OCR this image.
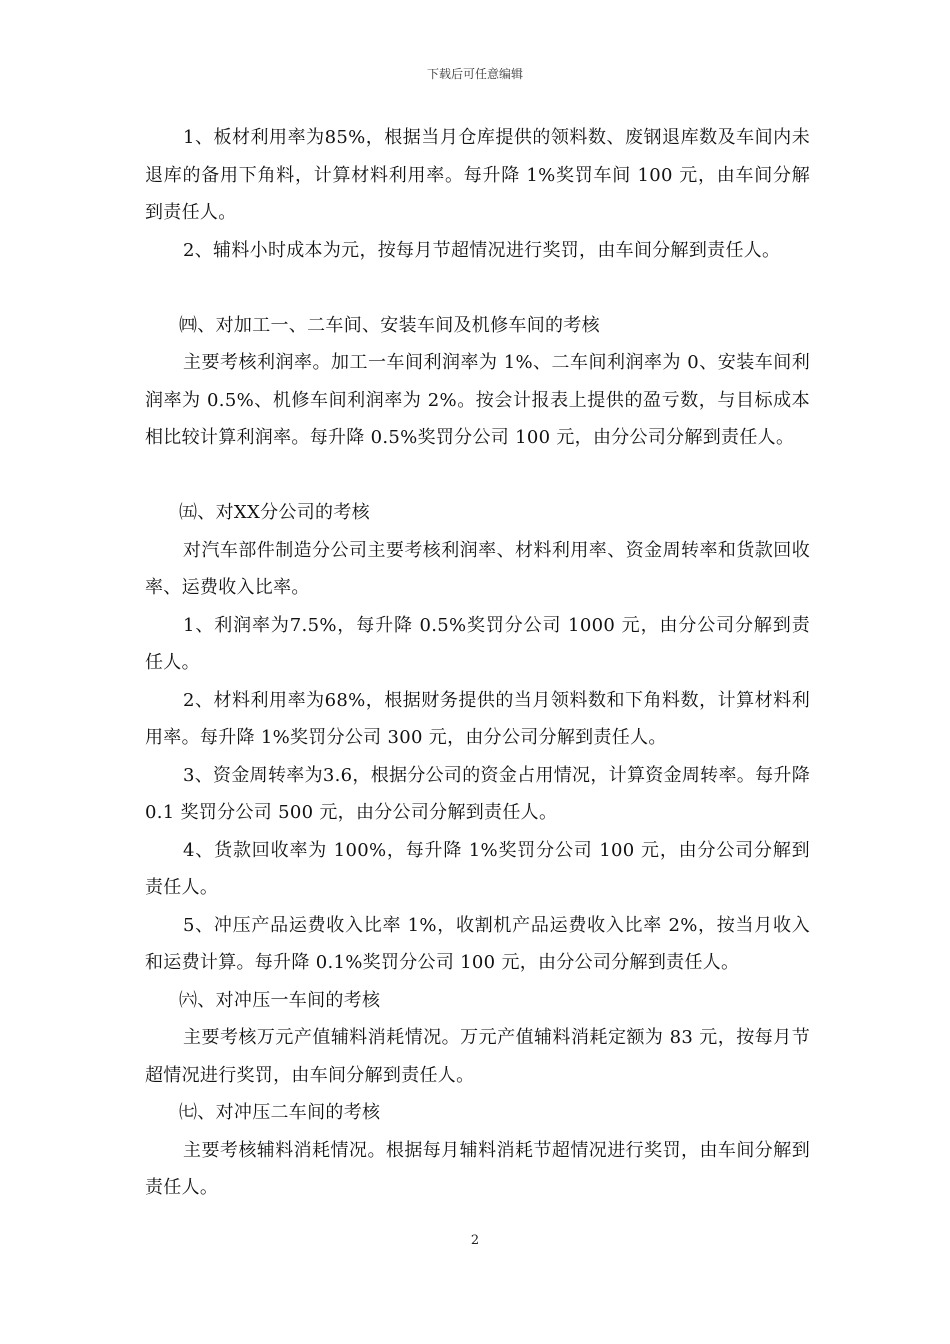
下载后可任意编辑

1、板材利用率为85%，根据当月仓库提供的领料数、废钢退库数及车间内未退库的备用下角料，计算材料利用率。每升降 1%奖罚车间 100 元，由车间分解到责任人。

2、辅料小时成本为元，按每月节超情况进行奖罚，由车间分解到责任人。

㈣、对加工一、二车间、安装车间及机修车间的考核

主要考核利润率。加工一车间利润率为 1%、二车间利润率为 0、安装车间利润率为 0.5%、机修车间利润率为 2%。按会计报表上提供的盈亏数，与目标成本相比较计算利润率。每升降 0.5%奖罚分公司 100 元，由分公司分解到责任人。

㈤、对XX分公司的考核

对汽车部件制造分公司主要考核利润率、材料利用率、资金周转率和货款回收率、运费收入比率。

1、利润率为7.5%，每升降 0.5%奖罚分公司 1000 元，由分公司分解到责任人。

2、材料利用率为68%，根据财务提供的当月领料数和下角料数，计算材料利用率。每升降 1%奖罚分公司 300 元，由分公司分解到责任人。

3、资金周转率为3.6，根据分公司的资金占用情况，计算资金周转率。每升降 0.1 奖罚分公司 500 元，由分公司分解到责任人。

4、货款回收率为 100%，每升降 1%奖罚分公司 100 元，由分公司分解到责任人。

5、冲压产品运费收入比率 1%，收割机产品运费收入比率 2%，按当月收入和运费计算。每升降 0.1%奖罚分公司 100 元，由分公司分解到责任人。

㈥、对冲压一车间的考核

主要考核万元产值辅料消耗情况。万元产值辅料消耗定额为 83 元，按每月节超情况进行奖罚，由车间分解到责任人。

㈦、对冲压二车间的考核

主要考核辅料消耗情况。根据每月辅料消耗节超情况进行奖罚，由车间分解到责任人。

2
